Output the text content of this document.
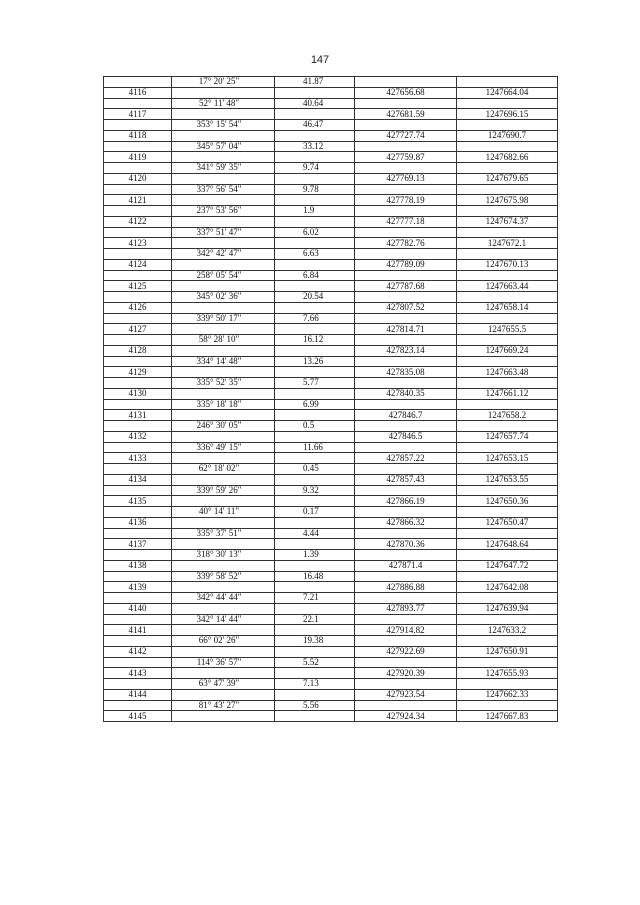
147
	17° 20' 25"	41.87		
4116			427656.68	1247664.04
	52° 11' 48"	40.64		
4117			427681.59	1247696.15
	353° 15' 54"	46.47		
4118			427727.74	1247690.7
	345° 57' 04"	33.12		
4119			427759.87	1247682.66
	341° 59' 35"	9.74		
4120			427769.13	1247679.65
	337° 56' 54"	9.78		
4121			427778.19	1247675.98
	237° 53' 56"	1.9		
4122			427777.18	1247674.37
	337° 51' 47"	6.02		
4123			427782.76	1247672.1
	342° 42' 47"	6.63		
4124			427789.09	1247670.13
	258° 05' 54"	6.84		
4125			427787.68	1247663.44
	345° 02' 36"	20.54		
4126			427807.52	1247658.14
	339° 50' 17"	7.66		
4127			427814.71	1247655.5
	58° 28' 10"	16.12		
4128			427823.14	1247669.24
	334° 14' 48"	13.26		
4129			427835.08	1247663.48
	335° 52' 35"	5.77		
4130			427840.35	1247661.12
	335° 18' 18"	6.99		
4131			427846.7	1247658.2
	246° 30' 05"	0.5		
4132			427846.5	1247657.74
	336° 49' 15"	11.66		
4133			427857.22	1247653.15
	62° 18' 02"	0.45		
4134			427857.43	1247653.55
	339° 59' 26"	9.32		
4135			427866.19	1247650.36
	40° 14' 11"	0.17		
4136			427866.32	1247650.47
	335° 37' 51"	4.44		
4137			427870.36	1247648.64
	318° 30' 13"	1.39		
4138			427871.4	1247647.72
	339° 58' 52"	16.48		
4139			427886.88	1247642.08
	342° 44' 44"	7.21		
4140			427893.77	1247639.94
	342° 14' 44"	22.1		
4141			427914.82	1247633.2
	66° 02' 26"	19.38		
4142			427922.69	1247650.91
	114° 36' 57"	5.52		
4143			427920.39	1247655.93
	63° 47' 39"	7.13		
4144			427923.54	1247662.33
	81° 43' 27"	5.56		
4145			427924.34	1247667.83
